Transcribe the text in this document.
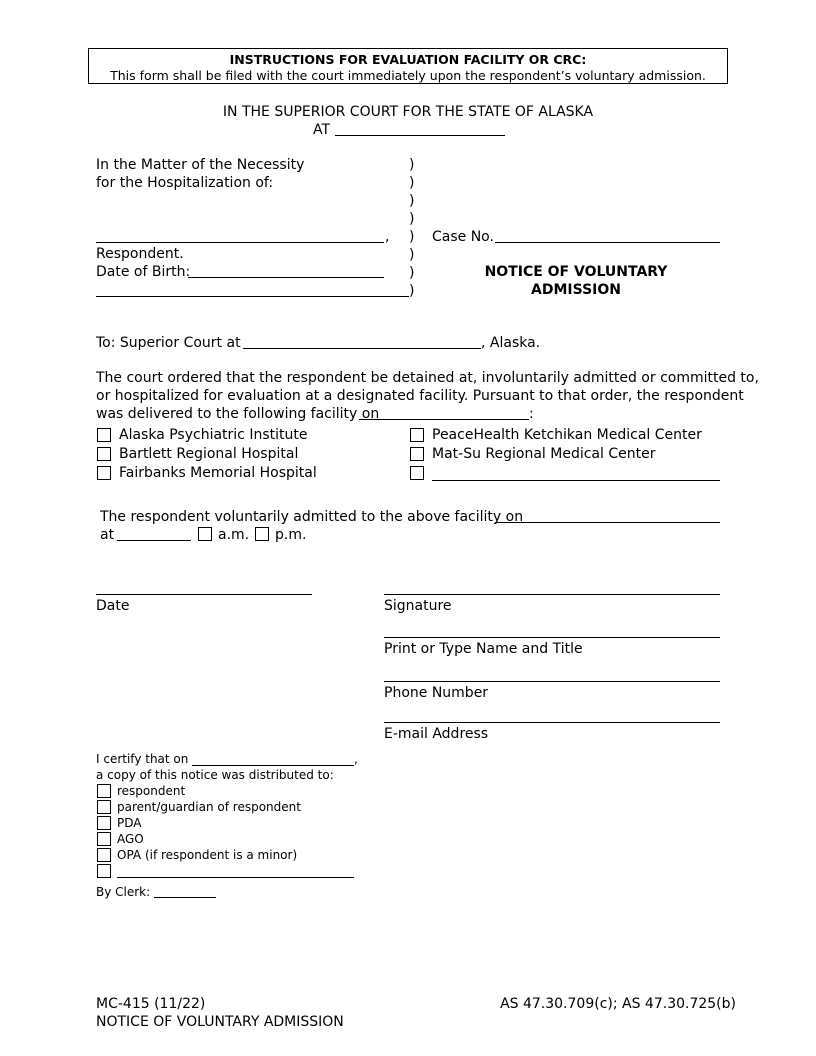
INSTRUCTIONS FOR EVALUATION FACILITY OR CRC:
This form shall be filed with the court immediately upon the respondent’s voluntary admission.
IN THE SUPERIOR COURT FOR THE STATE OF ALASKA
AT
In the Matter of the Necessity
for the Hospitalization of:
,
Respondent.
Date of Birth:
)
)
)
)
)
)
)
)
Case No.
NOTICE OF VOLUNTARY
ADMISSION
To: Superior Court at	, Alaska.
The court ordered that the respondent be detained at, involuntarily admitted or committed to,
or hospitalized for evaluation at a designated facility. Pursuant to that order, the respondent
was delivered to the following facility on	:
Alaska Psychiatric Institute
Bartlett Regional Hospital
Fairbanks Memorial Hospital
PeaceHealth Ketchikan Medical Center
Mat-Su Regional Medical Center
The respondent voluntarily admitted to the above facility on
at	a.m. p.m.
Date	Signature
Print or Type Name and Title
Phone Number
E-mail Address
I certify that on	,
a copy of this notice was distributed to:
respondent
parent/guardian of respondent
PDA
AGO
OPA (if respondent is a minor)
By Clerk:
MC-415 (11/22)
NOTICE OF VOLUNTARY ADMISSION
AS 47.30.709(c); AS 47.30.725(b)
